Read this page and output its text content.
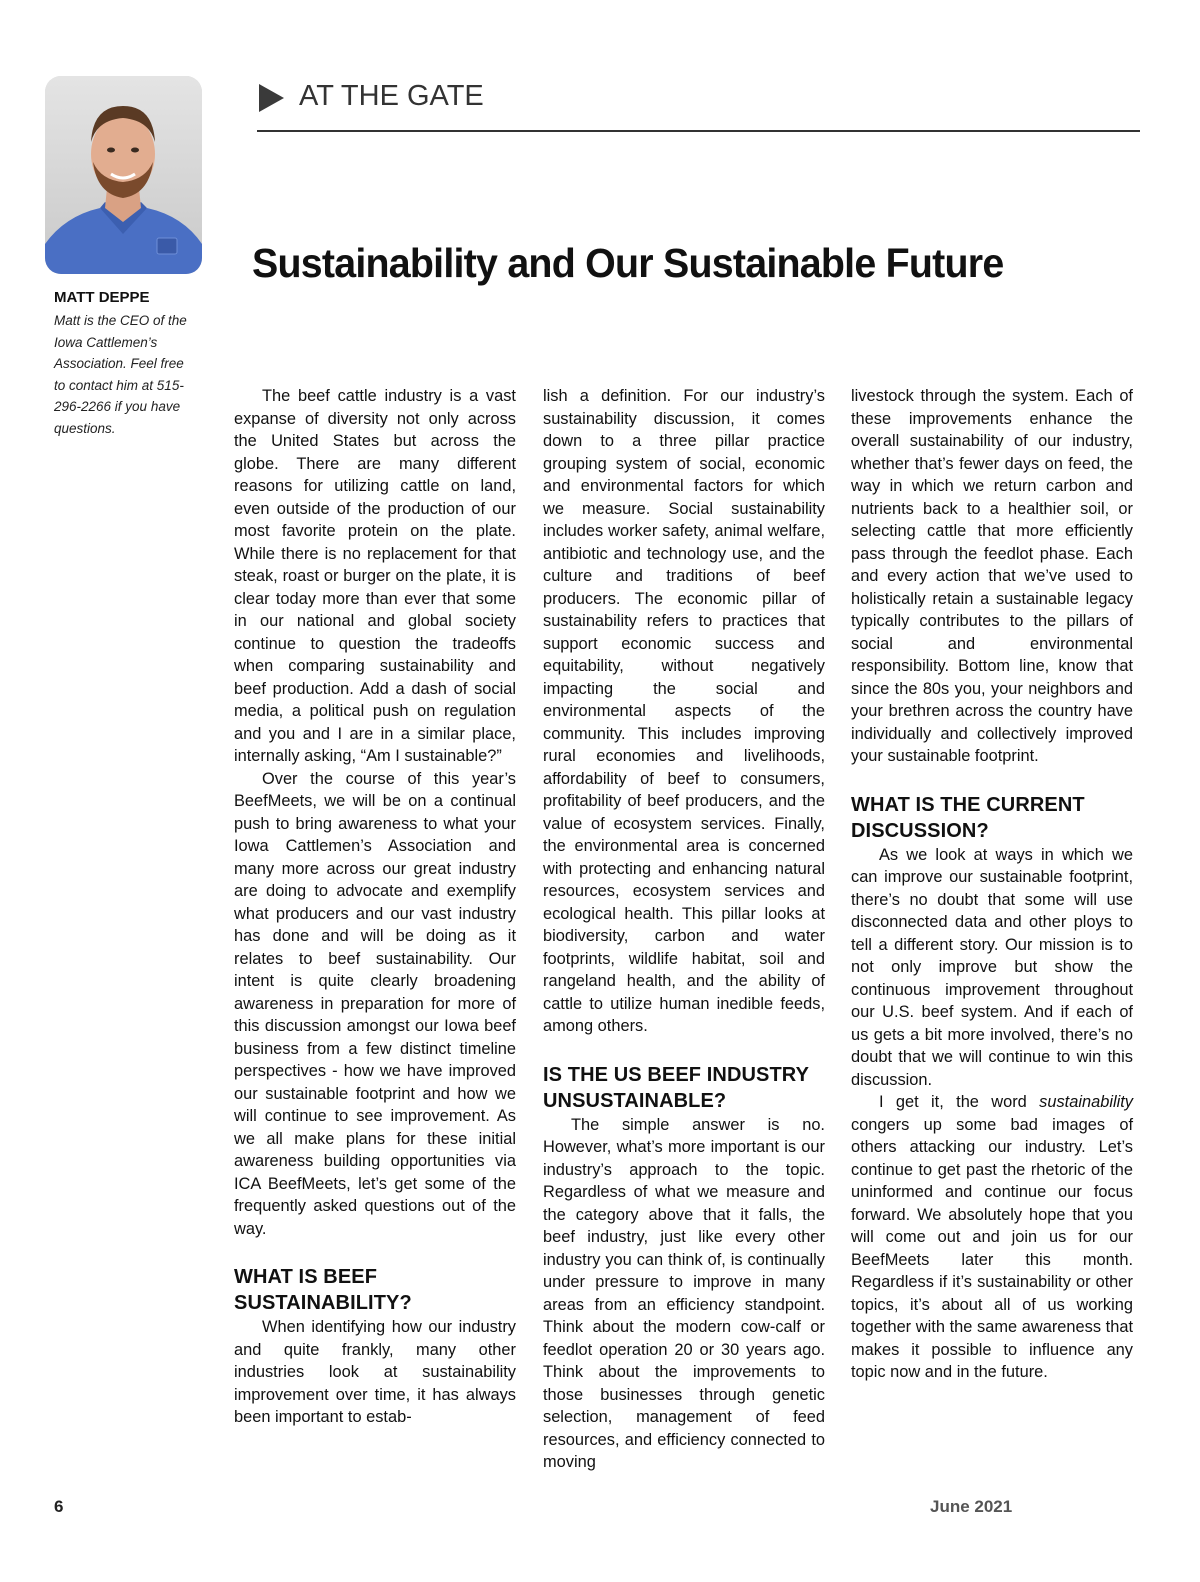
AT THE GATE
MATT DEPPE
Matt is the CEO of the Iowa Cattlemen’s Association. Feel free to contact him at 515-296-2266 if you have questions.
Sustainability and Our Sustainable Future

The beef cattle industry is a vast expanse of diversity not only across the United States but across the globe. There are many different reasons for utilizing cattle on land, even outside of the production of our most favorite protein on the plate. While there is no replacement for that steak, roast or burger on the plate, it is clear today more than ever that some in our national and global society continue to question the tradeoffs when comparing sustainability and beef production. Add a dash of social media, a political push on regulation and you and I are in a similar place, internally asking, “Am I sustainable?”

Over the course of this year’s BeefMeets, we will be on a continual push to bring awareness to what your Iowa Cattlemen’s Association and many more across our great industry are doing to advocate and exemplify what producers and our vast industry has done and will be doing as it relates to beef sustainability. Our intent is quite clearly broadening awareness in preparation for more of this discussion amongst our Iowa beef business from a few distinct timeline perspectives - how we have improved our sustainable footprint and how we will continue to see improvement. As we all make plans for these initial awareness building opportunities via ICA BeefMeets, let’s get some of the frequently asked questions out of the way.

WHAT IS BEEF SUSTAINABILITY?

When identifying how our industry and quite frankly, many other industries look at sustainability improvement over time, it has always been important to estab-

lish a definition. For our industry’s sustainability discussion, it comes down to a three pillar practice grouping system of social, economic and environmental factors for which we measure. Social sustainability includes worker safety, animal welfare, antibiotic and technology use, and the culture and traditions of beef producers. The economic pillar of sustainability refers to practices that support economic success and equitability, without negatively impacting the social and environmental aspects of the community. This includes improving rural economies and livelihoods, affordability of beef to consumers, profitability of beef producers, and the value of ecosystem services. Finally, the environmental area is concerned with protecting and enhancing natural resources, ecosystem services and ecological health. This pillar looks at biodiversity, carbon and water footprints, wildlife habitat, soil and rangeland health, and the ability of cattle to utilize human inedible feeds, among others.

IS THE US BEEF INDUSTRY UNSUSTAINABLE?

The simple answer is no. However, what’s more important is our industry’s approach to the topic. Regardless of what we measure and the category above that it falls, the beef industry, just like every other industry you can think of, is continually under pressure to improve in many areas from an efficiency standpoint. Think about the modern cow-calf or feedlot operation 20 or 30 years ago. Think about the improvements to those businesses through genetic selection, management of feed resources, and efficiency connected to moving

livestock through the system. Each of these improvements enhance the overall sustainability of our industry, whether that’s fewer days on feed, the way in which we return carbon and nutrients back to a healthier soil, or selecting cattle that more efficiently pass through the feedlot phase. Each and every action that we’ve used to holistically retain a sustainable legacy typically contributes to the pillars of social and environmental responsibility. Bottom line, know that since the 80s you, your neighbors and your brethren across the country have individually and collectively improved your sustainable footprint.

WHAT IS THE CURRENT DISCUSSION?

As we look at ways in which we can improve our sustainable footprint, there’s no doubt that some will use disconnected data and other ploys to tell a different story. Our mission is to not only improve but show the continuous improvement throughout our U.S. beef system. And if each of us gets a bit more involved, there’s no doubt that we will continue to win this discussion.

I get it, the word sustainability congers up some bad images of others attacking our industry. Let’s continue to get past the rhetoric of the uninformed and continue our focus forward. We absolutely hope that you will come out and join us for our BeefMeets later this month. Regardless if it’s sustainability or other topics, it’s about all of us working together with the same awareness that makes it possible to influence any topic now and in the future.

6	June 2021
